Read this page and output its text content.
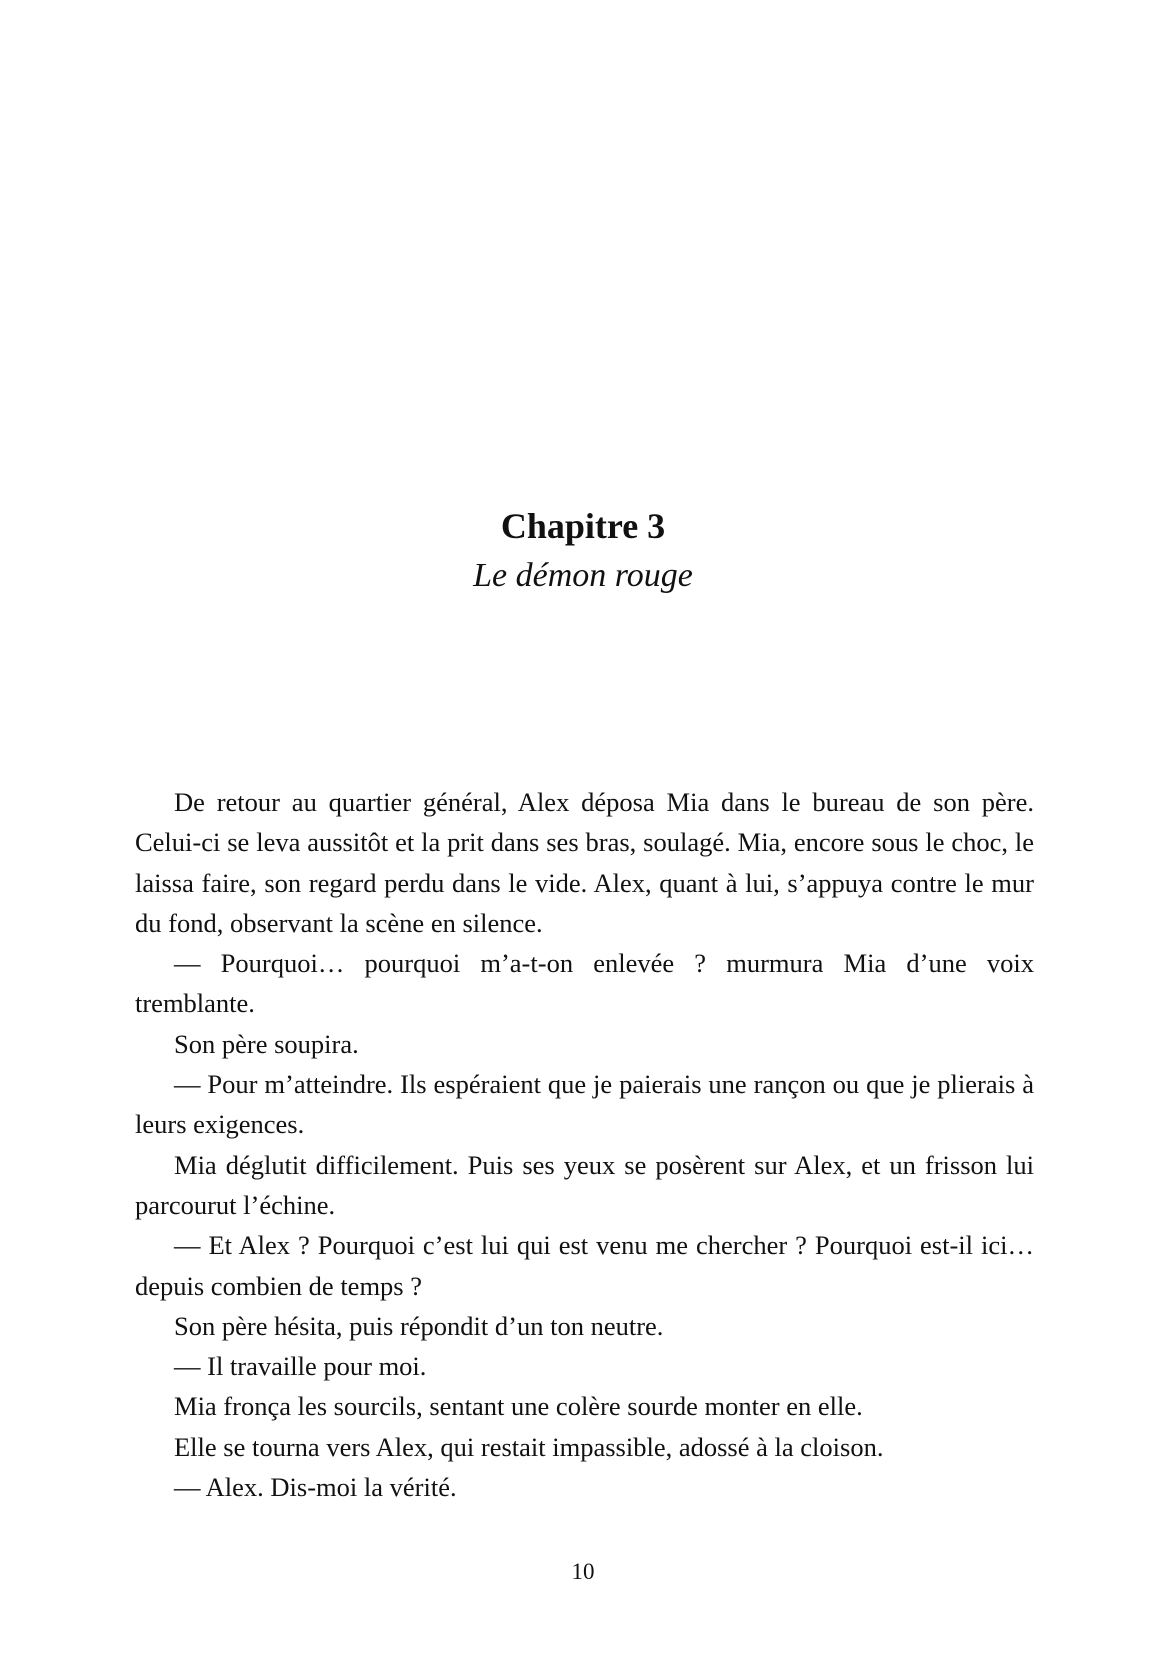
Chapitre 3

Le démon rouge

De retour au quartier général, Alex déposa Mia dans le bureau de son père. Celui-ci se leva aussitôt et la prit dans ses bras, soulagé. Mia, encore sous le choc, le laissa faire, son regard perdu dans le vide. Alex, quant à lui, s’appuya contre le mur du fond, observant la scène en silence.

— Pourquoi… pourquoi m’a-t-on enlevée ? murmura Mia d’une voix tremblante.

Son père soupira.

— Pour m’atteindre. Ils espéraient que je paierais une rançon ou que je plierais à leurs exigences.

Mia déglutit difficilement. Puis ses yeux se posèrent sur Alex, et un frisson lui parcourut l’échine.

— Et Alex ? Pourquoi c’est lui qui est venu me chercher ? Pourquoi est-il ici… depuis combien de temps ?

Son père hésita, puis répondit d’un ton neutre.

— Il travaille pour moi.

Mia fronça les sourcils, sentant une colère sourde monter en elle.

Elle se tourna vers Alex, qui restait impassible, adossé à la cloison.

— Alex. Dis-moi la vérité.

10
